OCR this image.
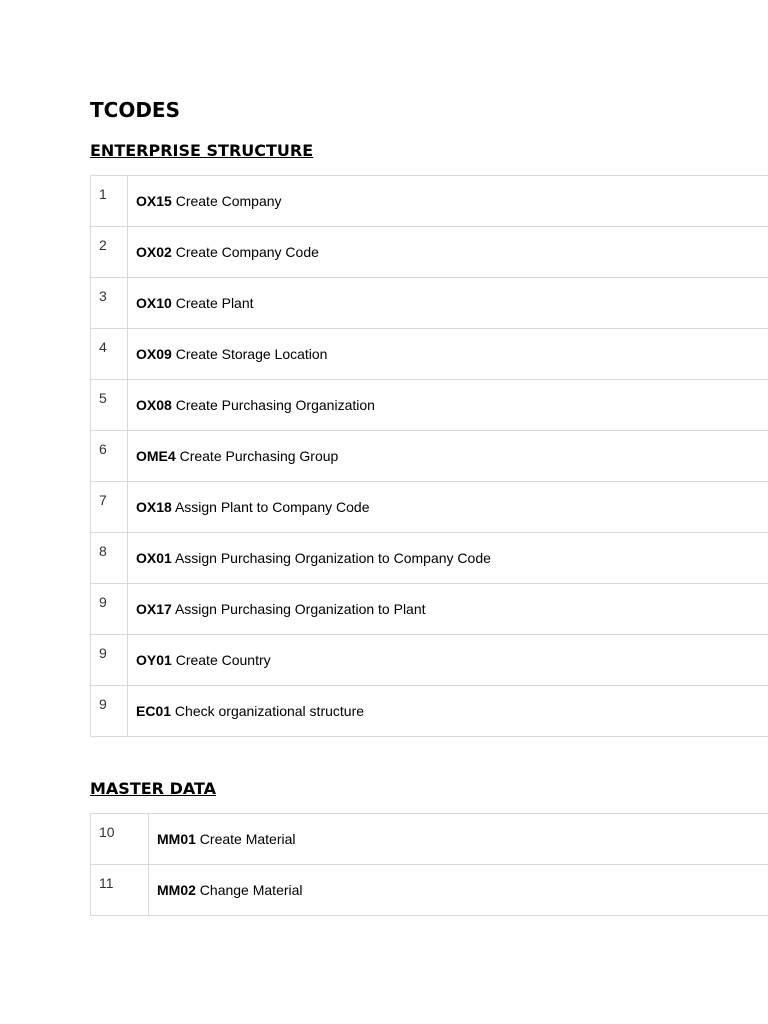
TCODES
ENTERPRISE STRUCTURE
1	OX15 Create Company
2	OX02 Create Company Code
3	OX10 Create Plant
4	OX09 Create Storage Location
5	OX08 Create Purchasing Organization
6	OME4 Create Purchasing Group
7	OX18 Assign Plant to Company Code
8	OX01 Assign Purchasing Organization to Company Code
9	OX17 Assign Purchasing Organization to Plant
9	OY01 Create Country
9	EC01 Check organizational structure
MASTER DATA
10	MM01 Create Material
11	MM02 Change Material
